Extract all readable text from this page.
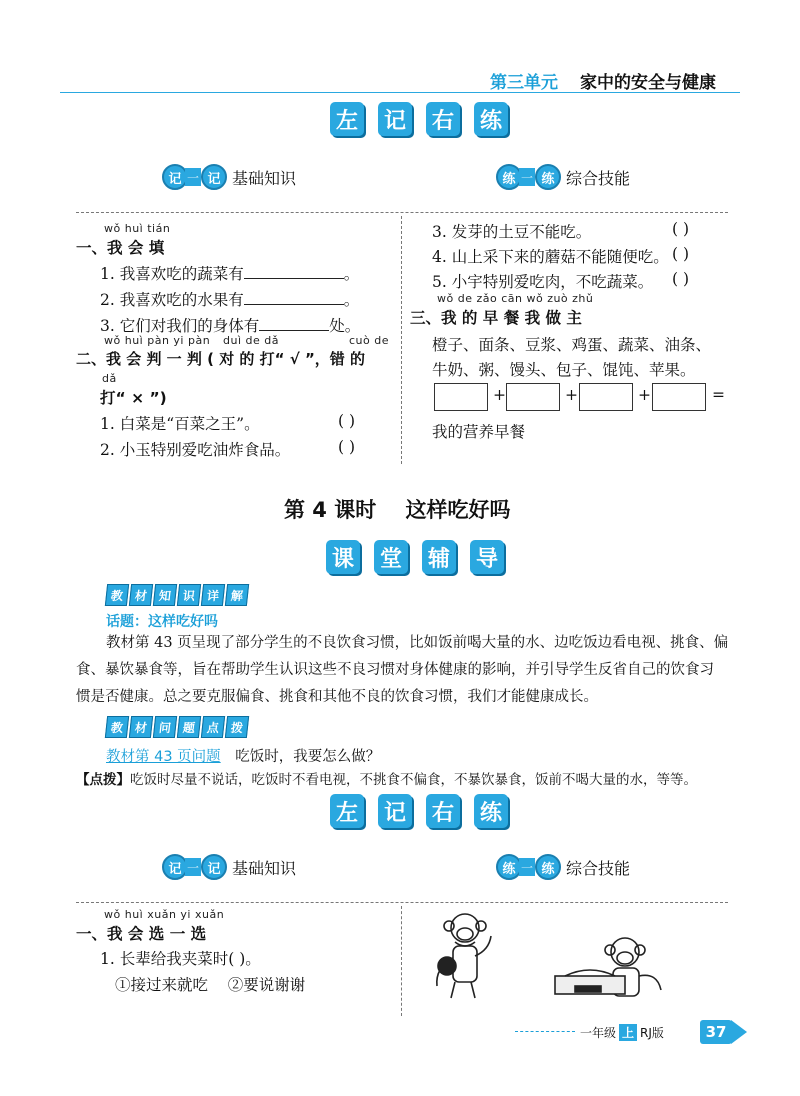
第三单元 家中的安全与健康
左 记 右 练
记 一 记 基础知识	练 一 练 综合技能
wǒ huì tián
一、我 会 填
1. 我喜欢吃的蔬菜有	。
2. 我喜欢吃的水果有	。
3. 它们对我们的身体有	处。
wǒ huì pàn yi pàn duì de dǎ	cuò de
二、我 会 判 一 判 ( 对 的 打“ √ ”，错 的
dǎ
打“ × ”)
1. 白菜是“百菜之王”。	( )
2. 小玉特别爱吃油炸食品。	( )
3. 发芽的土豆不能吃。	( )
4. 山上采下来的蘑菇不能随便吃。 ( )
5. 小宇特别爱吃肉，不吃蔬菜。 ( )
wǒ de zǎo cān wǒ zuò zhǔ
三、我 的 早 餐 我 做 主
橙子、面条、豆浆、鸡蛋、蔬菜、油条、
牛奶、粥、馒头、包子、馄饨、苹果。
+	+	+	=
我的营养早餐
第 4 课时    这样吃好吗
课 堂 辅 导
教 材 知 识 详 解
话题：这样吃好吗
教材第 43 页呈现了部分学生的不良饮食习惯，比如饭前喝大量的水、边吃饭边看电视、挑食、偏
食、暴饮暴食等，旨在帮助学生认识这些不良习惯对身体健康的影响，并引导学生反省自己的饮食习
惯是否健康。总之要克服偏食、挑食和其他不良的饮食习惯，我们才能健康成长。
教 材 问 题 点 拨
教材第 43 页问题 吃饭时，我要怎么做？
【点拨】吃饭时尽量不说话，吃饭时不看电视，不挑食不偏食，不暴饮暴食，饭前不喝大量的水，等等。
左 记 右 练
记 一 记 基础知识	练 一 练 综合技能
wǒ huì xuǎn yi xuǎn
一、我 会 选 一 选
1. 长辈给我夹菜时( )。
①接过来就吃    ②要说谢谢
一年级 上 RJ版	37
